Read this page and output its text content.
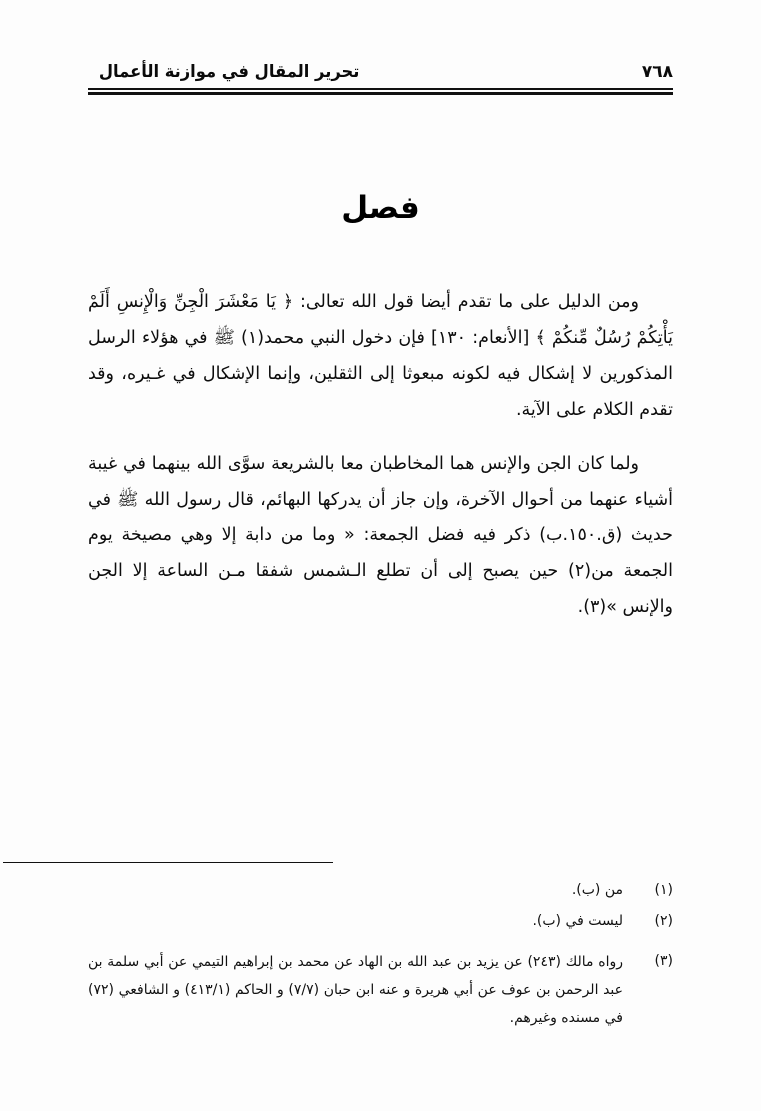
تحرير المقال في موازنة الأعمال	٧٦٨
فصل

ومن الدليل على ما تقدم أيضا قول الله تعالى: ﴿ يَا مَعْشَرَ الْجِنِّ وَالْإِنسِ أَلَمْ يَأْتِكُمْ رُسُلٌ مِّنكُمْ ﴾ [الأنعام: ١٣٠] فإن دخول النبي محمد(١) ﷺ في هؤلاء الرسل المذكورين لا إشكال فيه لكونه مبعوثا إلى الثقلين، وإنما الإشكال في غـيره، وقد تقدم الكلام على الآية.

ولما كان الجن والإنس هما المخاطبان معا بالشريعة سوَّى الله بينهما في غيبة أشياء عنهما من أحوال الآخرة، وإن جاز أن يدركها البهائم، قال رسول الله ﷺ في حديث (ق.١٥٠.ب) ذكر فيه فضل الجمعة: « وما من دابة إلا وهي مصيخة يوم الجمعة من(٢) حين يصبح إلى أن تطلع الـشمس شفقا مـن الساعة إلا الجن والإنس »(٣).

(١)
من (ب).
(٢)
ليست في (ب).
(٣)
رواه مالك (٢٤٣) عن يزيد بن عبد الله بن الهاد عن محمد بن إبراهيم التيمي عن أبي سلمة بن عبد الرحمن بن عوف عن أبي هريرة و عنه ابن حبان (٧/٧) و الحاكم (٤١٣/١) و الشافعي (٧٢) في مسنده وغيرهم.
